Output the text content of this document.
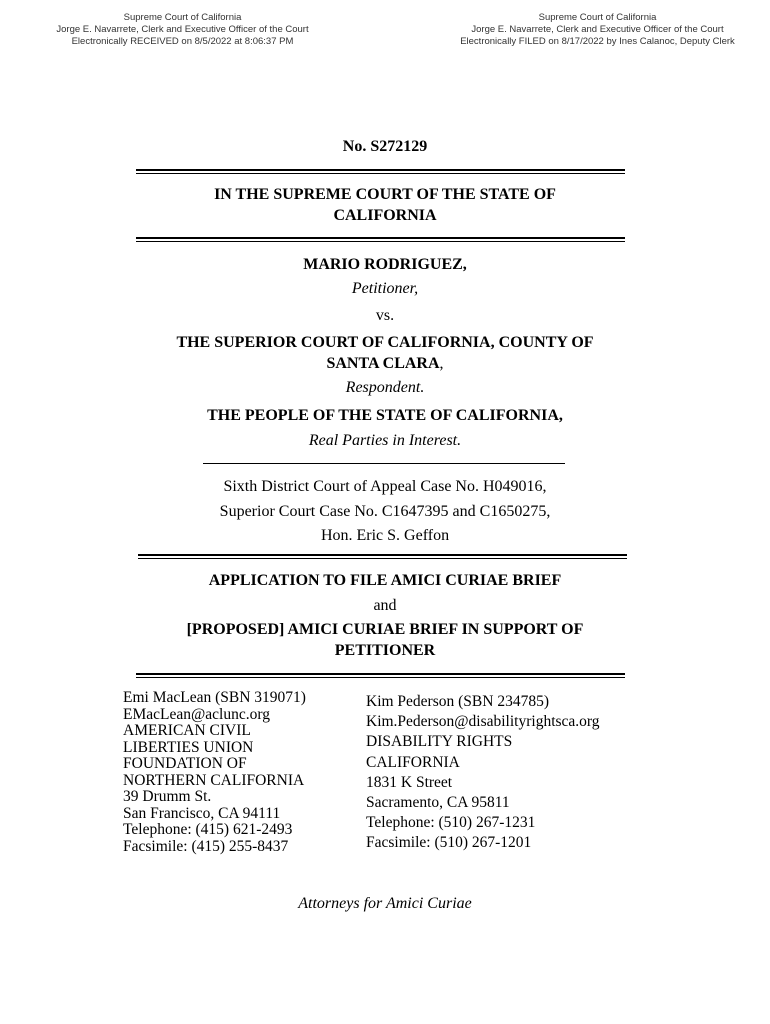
Supreme Court of California
Jorge E. Navarrete, Clerk and Executive Officer of the Court
Electronically RECEIVED on 8/5/2022 at 8:06:37 PM
Supreme Court of California
Jorge E. Navarrete, Clerk and Executive Officer of the Court
Electronically FILED on 8/17/2022 by Ines Calanoc, Deputy Clerk
No. S272129
IN THE SUPREME COURT OF THE STATE OF
CALIFORNIA
MARIO RODRIGUEZ,
Petitioner,
vs.
THE SUPERIOR COURT OF CALIFORNIA, COUNTY OF
SANTA CLARA,
Respondent.
THE PEOPLE OF THE STATE OF CALIFORNIA,
Real Parties in Interest.
Sixth District Court of Appeal Case No. H049016,
Superior Court Case No. C1647395 and C1650275,
Hon. Eric S. Geffon
APPLICATION TO FILE AMICI CURIAE BRIEF
and
[PROPOSED] AMICI CURIAE BRIEF IN SUPPORT OF
PETITIONER
Emi MacLean (SBN 319071)
EMacLean@aclunc.org
AMERICAN CIVIL
LIBERTIES UNION
FOUNDATION OF
NORTHERN CALIFORNIA
39 Drumm St.
San Francisco, CA 94111
Telephone: (415) 621-2493
Facsimile: (415) 255-8437
Kim Pederson (SBN 234785)
Kim.Pederson@disabilityrightsca.org
DISABILITY RIGHTS
CALIFORNIA
1831 K Street
Sacramento, CA 95811
Telephone: (510) 267-1231
Facsimile: (510) 267-1201
Attorneys for Amici Curiae
